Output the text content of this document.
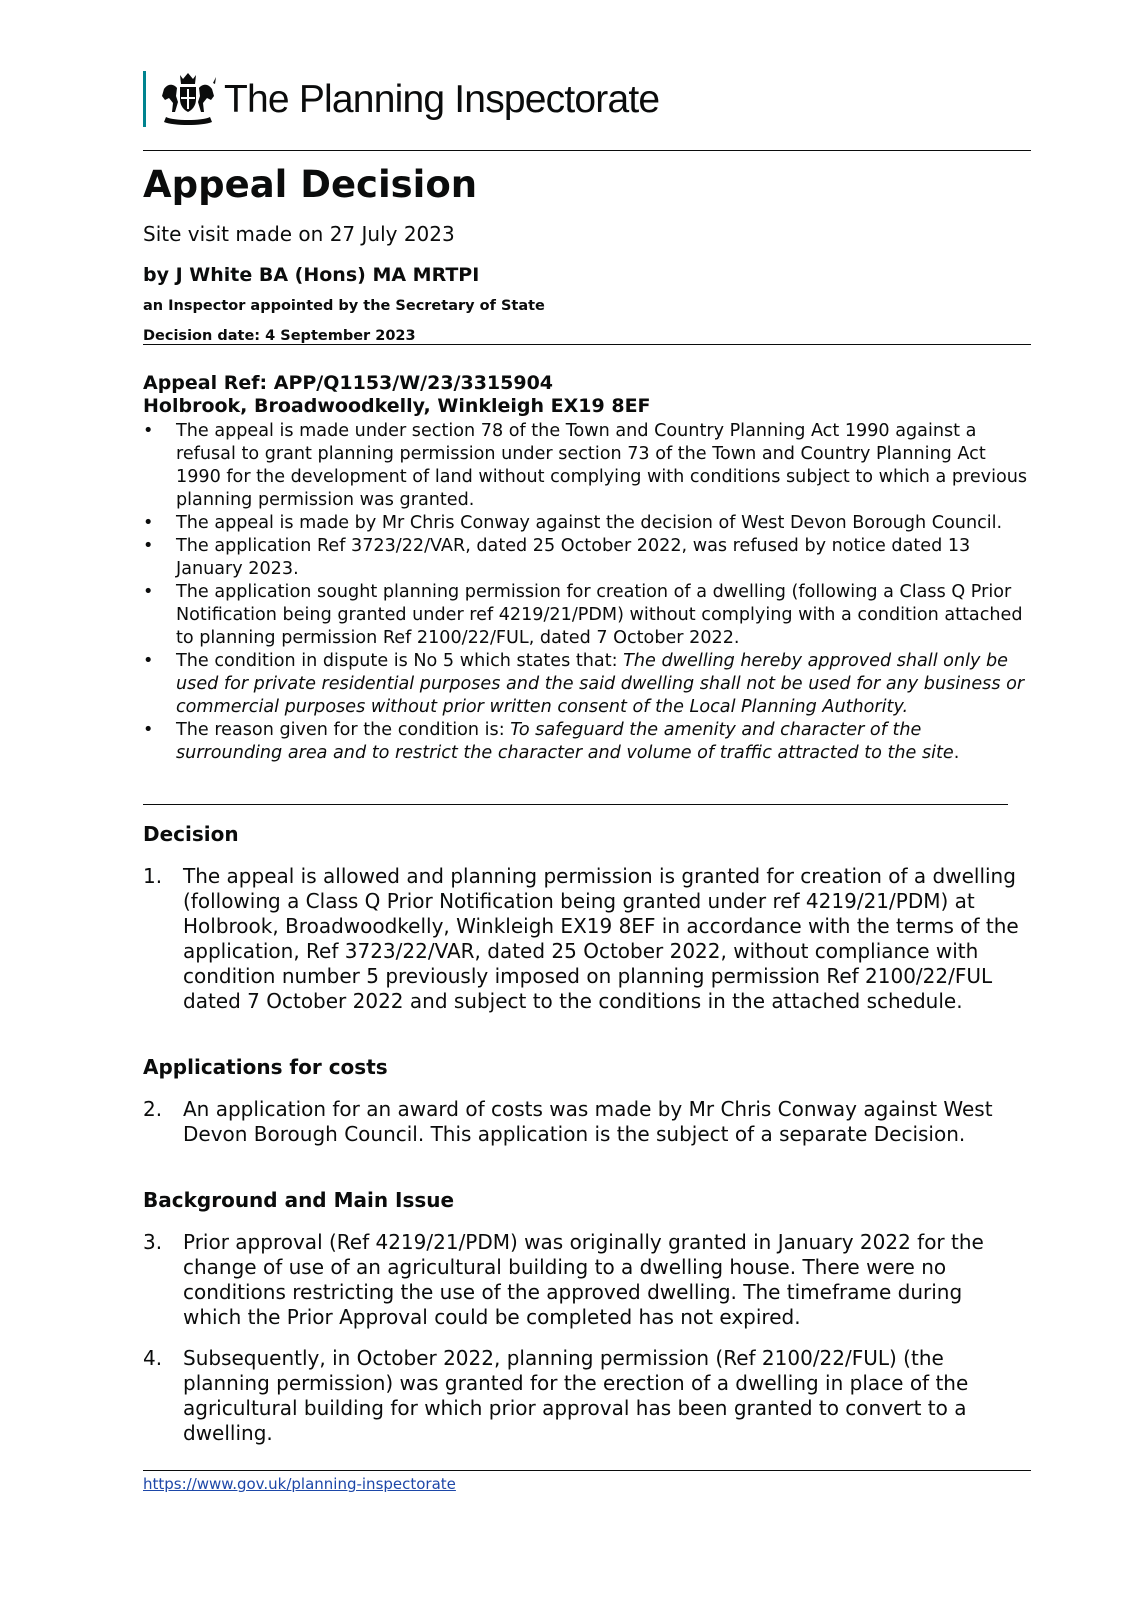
The Planning Inspectorate
Appeal Decision
Site visit made on 27 July 2023
by J White BA (Hons) MA MRTPI
an Inspector appointed by the Secretary of State
Decision date: 4 September 2023
Appeal Ref: APP/Q1153/W/23/3315904
Holbrook, Broadwoodkelly, Winkleigh EX19 8EF
• The appeal is made under section 78 of the Town and Country Planning Act 1990 against a refusal to grant planning permission under section 73 of the Town and Country Planning Act 1990 for the development of land without complying with conditions subject to which a previous planning permission was granted.
• The appeal is made by Mr Chris Conway against the decision of West Devon Borough Council.
• The application Ref 3723/22/VAR, dated 25 October 2022, was refused by notice dated 13 January 2023.
• The application sought planning permission for creation of a dwelling (following a Class Q Prior Notification being granted under ref 4219/21/PDM) without complying with a condition attached to planning permission Ref 2100/22/FUL, dated 7 October 2022.
• The condition in dispute is No 5 which states that: The dwelling hereby approved shall only be used for private residential purposes and the said dwelling shall not be used for any business or commercial purposes without prior written consent of the Local Planning Authority.
• The reason given for the condition is: To safeguard the amenity and character of the surrounding area and to restrict the character and volume of traffic attracted to the site.
Decision
1.	The appeal is allowed and planning permission is granted for creation of a dwelling (following a Class Q Prior Notification being granted under ref 4219/21/PDM) at Holbrook, Broadwoodkelly, Winkleigh EX19 8EF in accordance with the terms of the application, Ref 3723/22/VAR, dated 25 October 2022, without compliance with condition number 5 previously imposed on planning permission Ref 2100/22/FUL dated 7 October 2022 and subject to the conditions in the attached schedule.
Applications for costs
2.	An application for an award of costs was made by Mr Chris Conway against West Devon Borough Council. This application is the subject of a separate Decision.
Background and Main Issue
3.	Prior approval (Ref 4219/21/PDM) was originally granted in January 2022 for the change of use of an agricultural building to a dwelling house. There were no conditions restricting the use of the approved dwelling. The timeframe during which the Prior Approval could be completed has not expired.
4.	Subsequently, in October 2022, planning permission (Ref 2100/22/FUL) (the planning permission) was granted for the erection of a dwelling in place of the agricultural building for which prior approval has been granted to convert to a dwelling.
https://www.gov.uk/planning-inspectorate
